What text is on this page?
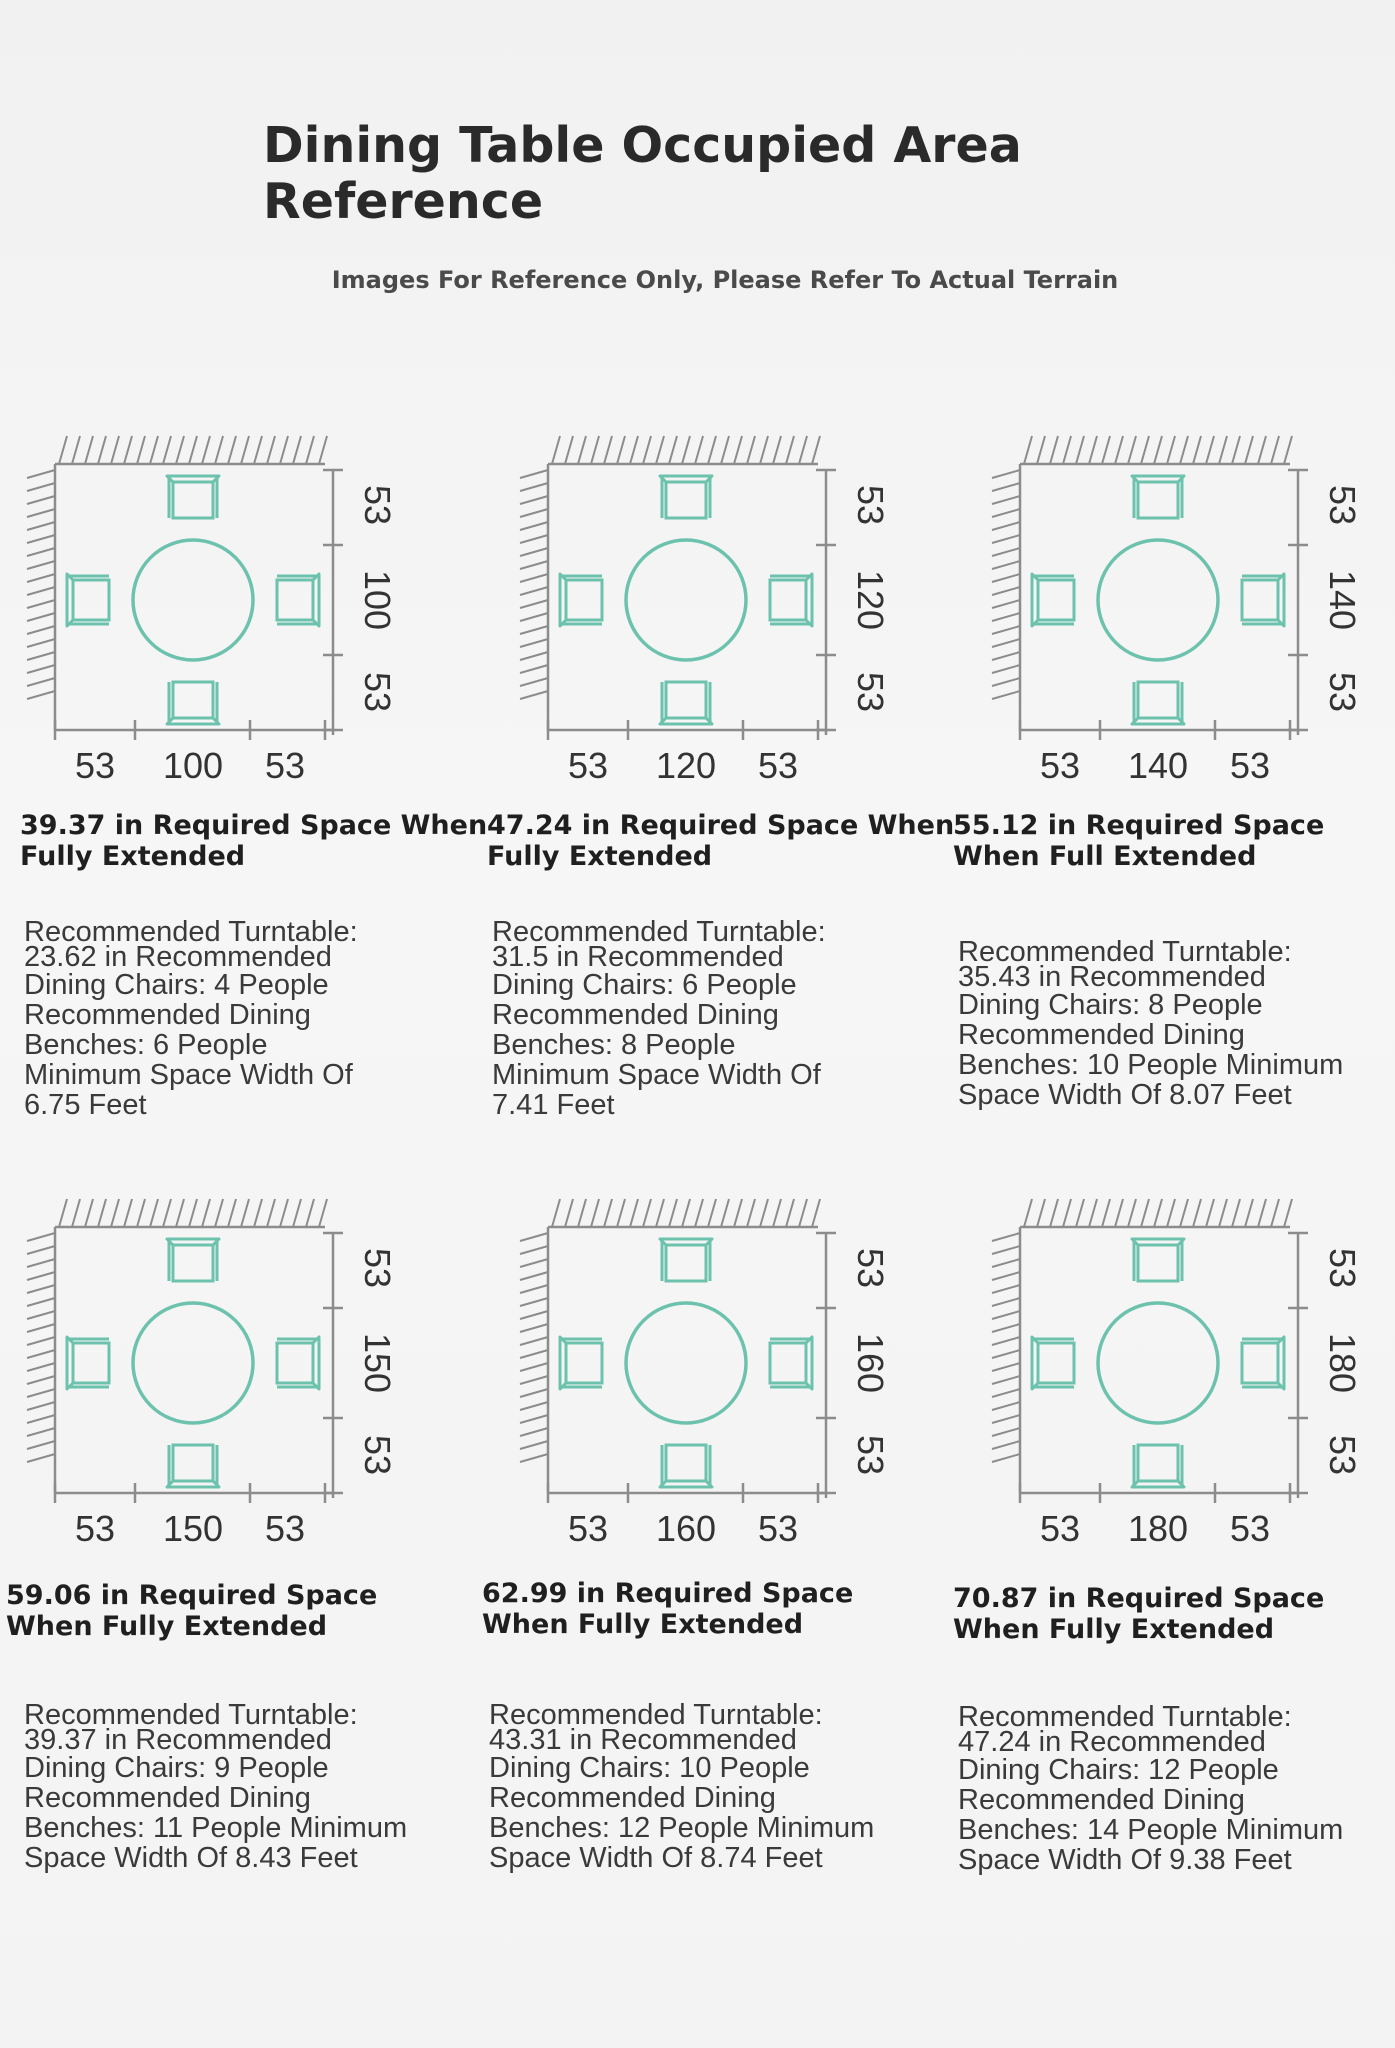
Dining Table Occupied Area Reference
Images For Reference Only, Please Refer To Actual Terrain
53 100 53
53
100
53
39.37 in Required Space When Fully Extended
Recommended Turntable:
23.62 in Recommended
Dining Chairs: 4 People
Recommended Dining
Benches: 6 People
Minimum Space Width Of
6.75 Feet
53 120 53
53
120
53
47.24 in Required Space When Fully Extended
Recommended Turntable:
31.5 in Recommended
Dining Chairs: 6 People
Recommended Dining
Benches: 8 People
Minimum Space Width Of
7.41 Feet
53 140 53
53
140
53
55.12 in Required Space When Full Extended
Recommended Turntable:
35.43 in Recommended
Dining Chairs: 8 People
Recommended Dining
Benches: 10 People Minimum
Space Width Of 8.07 Feet
53 150 53
53
150
53
59.06 in Required Space When Fully Extended
Recommended Turntable:
39.37 in Recommended
Dining Chairs: 9 People
Recommended Dining
Benches: 11 People Minimum
Space Width Of 8.43 Feet
53 160 53
53
160
53
62.99 in Required Space When Fully Extended
Recommended Turntable:
43.31 in Recommended
Dining Chairs: 10 People
Recommended Dining
Benches: 12 People Minimum
Space Width Of 8.74 Feet
53 180 53
53
180
53
70.87 in Required Space When Fully Extended
Recommended Turntable:
47.24 in Recommended
Dining Chairs: 12 People
Recommended Dining
Benches: 14 People Minimum
Space Width Of 9.38 Feet
